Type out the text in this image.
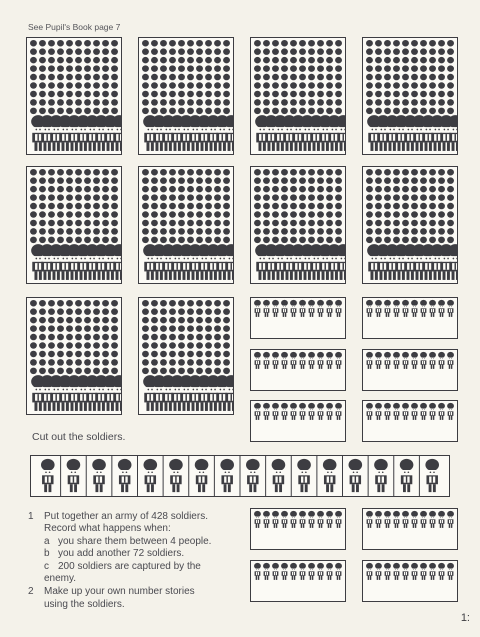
See Pupil's Book page 7
Cut out the soldiers.
1	Put together an army of 428 soldiers.
Record what happens when:
a you share them between 4 people.
b you add another 72 soldiers.
c 200 soldiers are captured by the
enemy.
2	Make up your own number stories
using the soldiers.
1:
